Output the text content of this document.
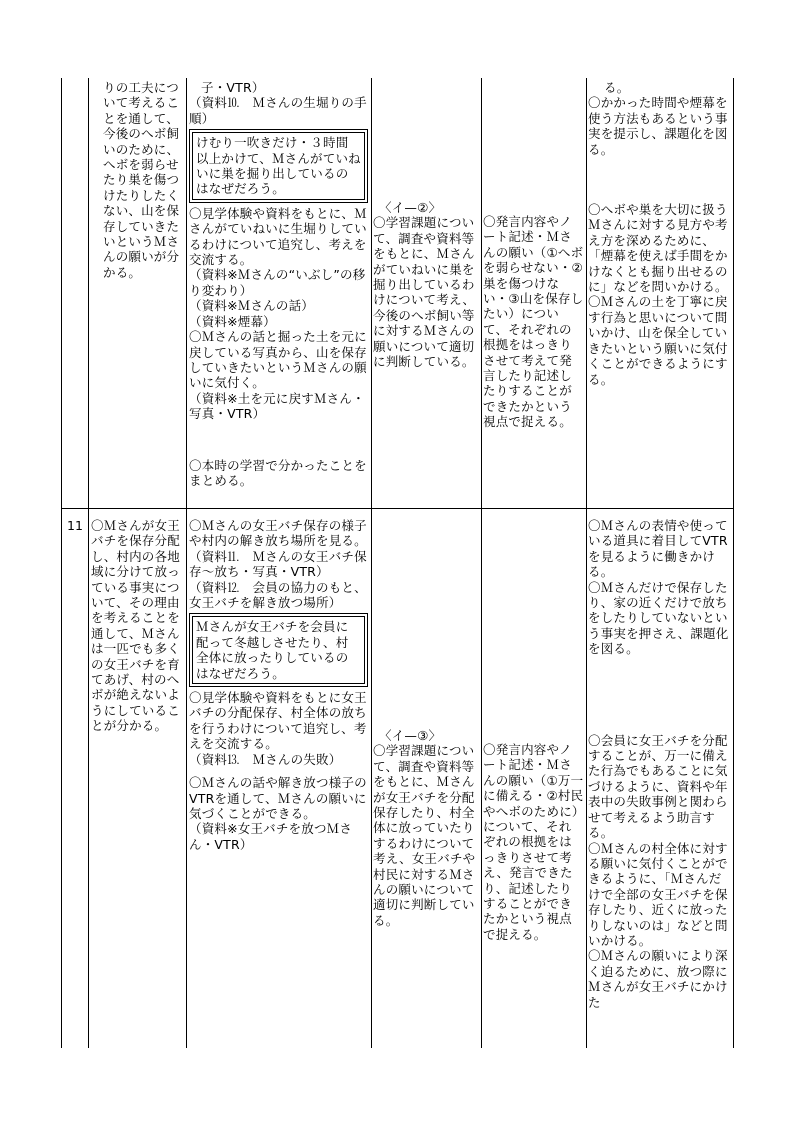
りの工夫について考えることを通して、今後のへボ飼いのために、へボを弱らせたり巣を傷つけたりしたくない、山を保存していきたいというＭさんの願いが分かる。

子・VTR）

（資料⒑　Ｍさんの生堀りの手順）

けむり一吹きだけ・３時間以上かけて、Ｍさんがていねいに巣を掘り出しているのはなぜだろう。

〇見学体験や資料をもとに、Ｍさんがていねいに生堀りしているわけについて追究し、考えを交流する。

（資料※Ｍさんの“いぶし”の移り変わり）

（資料※Ｍさんの話）

（資料※煙幕）

〇Ｍさんの話と掘った土を元に戻している写真から、山を保存していきたいというＭさんの願いに気付く。

（資料※土を元に戻すＭさん・写真・VTR）

〇本時の学習で分かったことをまとめる。

〈イ—②〉

〇学習課題について、調査や資料等をもとに、Ｍさんがていねいに巣を掘り出しているわけについて考え、今後のへボ飼い等に対するＭさんの願いについて適切に判断している。

〇発言内容やノート記述・Ｍさんの願い（①へボを弱らせない・②巣を傷つけない・③山を保存したい）について、それぞれの根拠をはっきりさせて考えて発言したり記述したりすることができたかという視点で捉える。

る。

〇かかった時間や煙幕を使う方法もあるという事実を提示し、課題化を図る。

〇へボや巣を大切に扱うＭさんに対する見方や考え方を深めるために、「煙幕を使えば手間をかけなくとも掘り出せるのに」などを問いかける。

〇Ｍさんの土を丁寧に戻す行為と思いについて問いかけ、山を保全していきたいという願いに気付くことができるようにする。

11 〇Ｍさんが女王バチを保存分配し、村内の各地域に分けて放っている事実について、その理由を考えることを通して、Ｍさんは一匹でも多くの女王バチを育てあげ、村のへボが絶えないようにしていることが分かる。

〇Ｍさんの女王バチ保存の様子や村内の解き放ち場所を見る。

（資料⒒　Ｍさんの女王バチ保存～放ち・写真・VTR）

（資料⒓　会員の協力のもと、女王バチを解き放つ場所）

Ｍさんが女王バチを会員に配って冬越しさせたり、村全体に放ったりしているのはなぜだろう。

〇見学体験や資料をもとに女王バチの分配保存、村全体の放ちを行うわけについて追究し、考えを交流する。

（資料⒔　Ｍさんの失敗）

〇Ｍさんの話や解き放つ様子のVTRを通して、Ｍさんの願いに気づくことができる。

（資料※女王バチを放つＭさん・VTR）

〈イ—③〉

〇学習課題について、調査や資料等をもとに、Ｍさんが女王バチを分配保存したり、村全体に放っていたりするわけについて考え、女王バチや村民に対するＭさんの願いについて適切に判断している。

〇発言内容やノート記述・Ｍさんの願い（①万一に備える・②村民やへボのために）について、それぞれの根拠をはっきりさせて考え、発言できたり、記述したりすることができたかという視点で捉える。

〇Ｍさんの表情や使っている道具に着目してVTRを見るように働きかける。

〇Ｍさんだけで保存したり、家の近くだけで放ちをしたりしていないという事実を押さえ、課題化を図る。

〇会員に女王バチを分配することが、万一に備えた行為でもあることに気づけるように、資料や年表中の失敗事例と関わらせて考えるよう助言する。

〇Ｍさんの村全体に対する願いに気付くことができるように、「Ｍさんだけで全部の女王バチを保存したり、近くに放ったりしないのは」などと問いかける。

〇Ｍさんの願いにより深く迫るために、放つ際にＭさんが女王バチにかけた
